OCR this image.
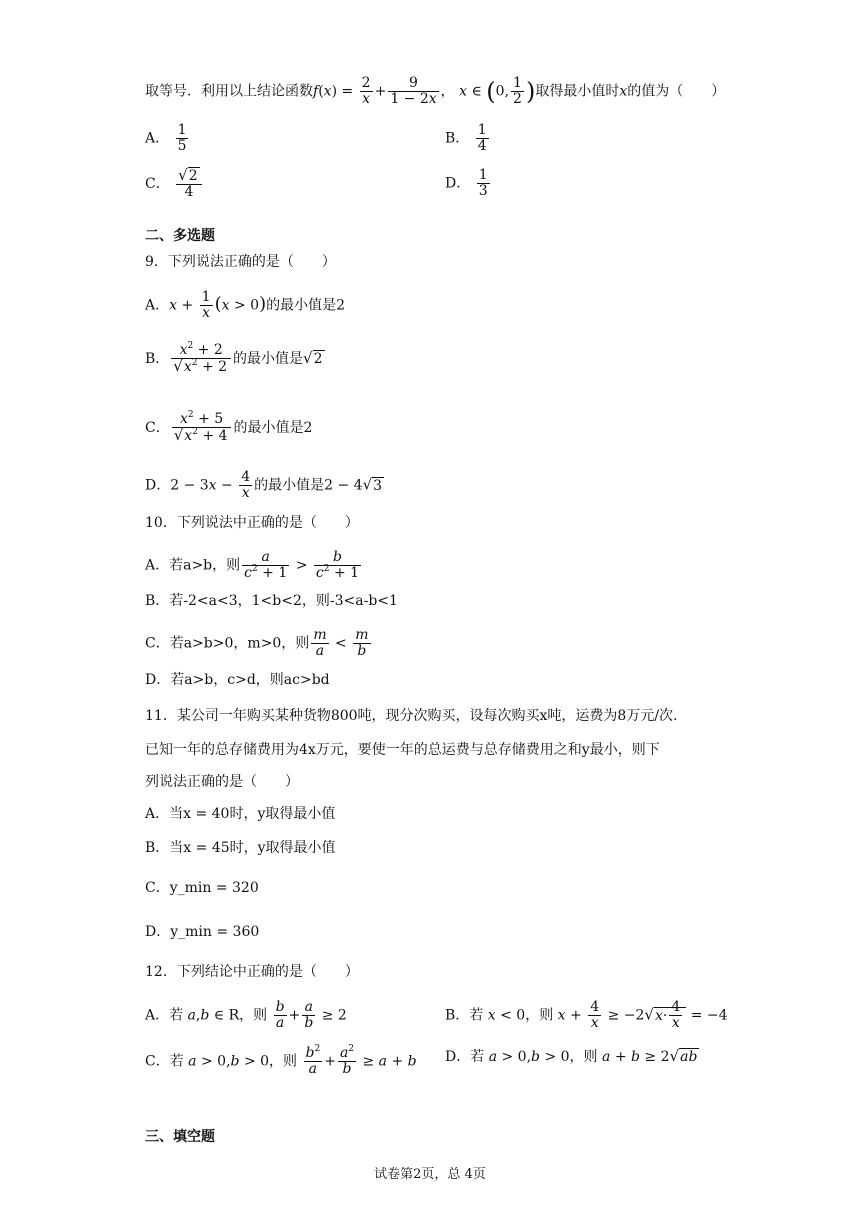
取等号．利用以上结论函数$f(x) = \frac{2}{x} + \frac{9}{1 - 2x}$ ， x ∈ (0, $\frac{1}{2}$ )取得最小值时x的值为（　　）
A． $\frac{1}{5}$	B． $\frac{1}{4}$
C． $\frac{√2}{4}$	D． $\frac{1}{3}$
二、多选题
9．下列说法正确的是（　　）
A．$x + \frac{1}{x} (x > 0)$的最小值是2
B． $\frac{x^2 + 2}{√x^2 + 2}$ 的最小值是√2
C． $\frac{x^2 + 5}{√x^2 + 4}$ 的最小值是2
D．$2 - 3x - \frac{4}{x}$ 的最小值是2 − 4√3
10．下列说法中正确的是（　　）
A．若a>b，则 $\frac{a}{c^2 + 1} > \frac{b}{c^2 + 1}$
B．若-2<a<3，1<b<2，则-3<a-b<1
C．若a>b>0，m>0，则 $\frac{m}{a} < \frac{m}{b}$
D．若a>b，c>d，则ac>bd
11．某公司一年购买某种货物800吨，现分次购买，设每次购买x吨，运费为8万元/次.
已知一年的总存储费用为4x万元，要使一年的总运费与总存储费用之和y最小，则下
列说法正确的是（　　）
A．当x = 40时，y取得最小值
B．当x = 45时，y取得最小值
C．y_min = 320
D．y_min = 360
12．下列结论中正确的是（　　）
A．若 a,b ∈ R，则 $\frac{b}{a} + \frac{a}{b} \ge 2$	B．若 x < 0，则 $x + \frac{4}{x} \ge -2√x\cdot \frac{4}{x} = -4$
C．若 a > 0,b > 0，则 $\frac{b^2}{a} + \frac{a^2}{b} \ge a + b$ D．若 a > 0,b > 0，则 a + b ≥ 2√ab
三、填空题
试卷第2页，总 4页
